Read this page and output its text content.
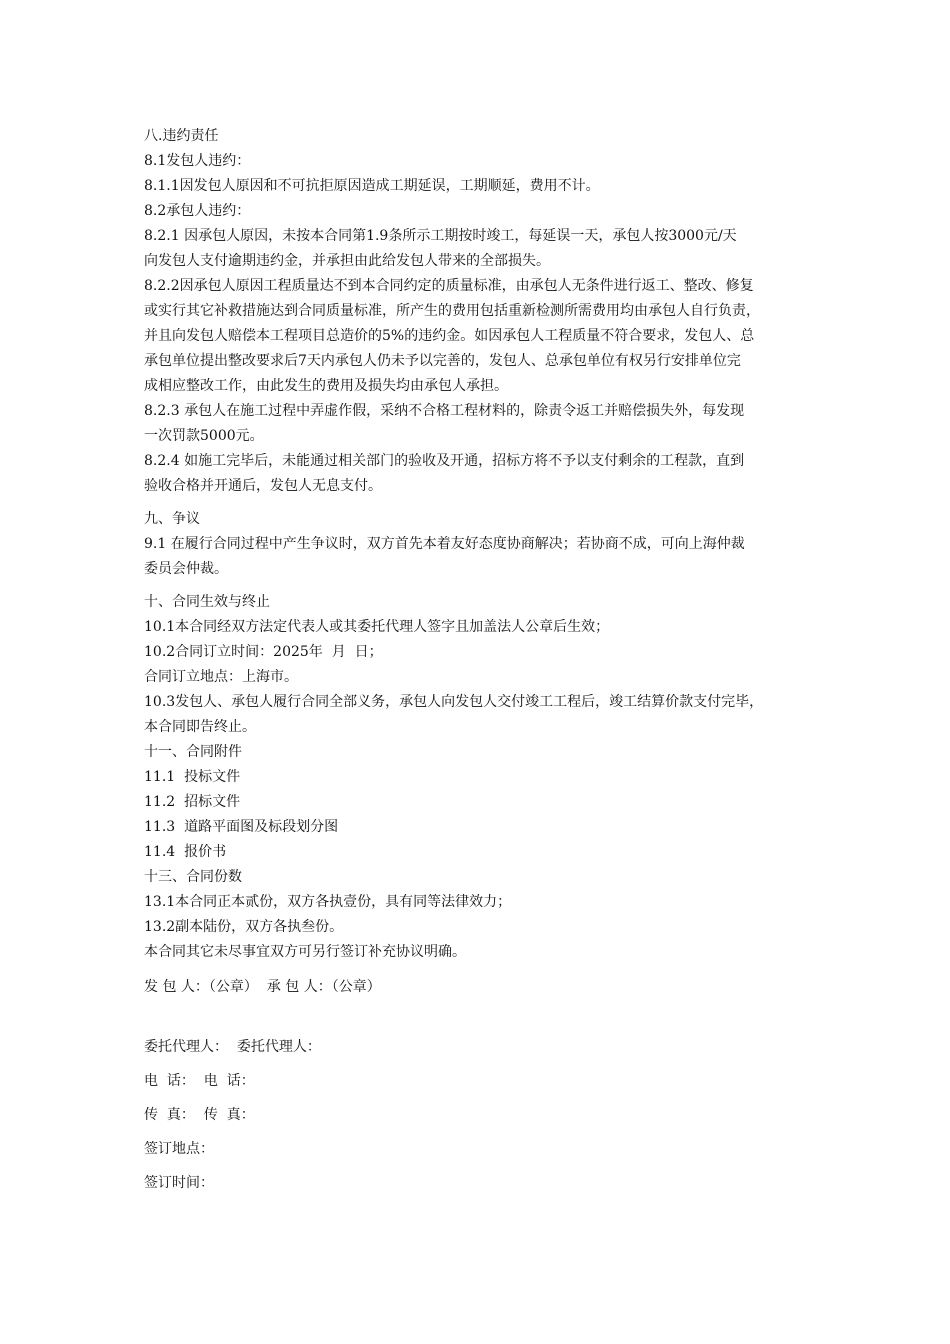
八.违约责任
8.1发包人违约：
8.1.1因发包人原因和不可抗拒原因造成工期延误，工期顺延，费用不计。
8.2承包人违约：
8.2.1 因承包人原因，未按本合同第1.9条所示工期按时竣工，每延误一天，承包人按3000元/天
向发包人支付逾期违约金，并承担由此给发包人带来的全部损失。
8.2.2因承包人原因工程质量达不到本合同约定的质量标准，由承包人无条件进行返工、整改、修复
或实行其它补救措施达到合同质量标准，所产生的费用包括重新检测所需费用均由承包人自行负责，
并且向发包人赔偿本工程项目总造价的5%的违约金。如因承包人工程质量不符合要求，发包人、总
承包单位提出整改要求后7天内承包人仍未予以完善的，发包人、总承包单位有权另行安排单位完
成相应整改工作，由此发生的费用及损失均由承包人承担。
8.2.3 承包人在施工过程中弄虚作假，采纳不合格工程材料的，除责令返工并赔偿损失外，每发现
一次罚款5000元。
8.2.4 如施工完毕后，未能通过相关部门的验收及开通，招标方将不予以支付剩余的工程款，直到
验收合格并开通后，发包人无息支付。
九、争议
9.1 在履行合同过程中产生争议时，双方首先本着友好态度协商解决；若协商不成，可向上海仲裁
委员会仲裁。
十、合同生效与终止
10.1本合同经双方法定代表人或其委托代理人签字且加盖法人公章后生效；
10.2合同订立时间：2025年  月  日；
合同订立地点：上海市。
10.3发包人、承包人履行合同全部义务，承包人向发包人交付竣工工程后，竣工结算价款支付完毕，
本合同即告终止。
十一、合同附件
11.1  投标文件
11.2  招标文件
11.3  道路平面图及标段划分图
11.4  报价书
十三、合同份数
13.1本合同正本贰份，双方各执壹份，具有同等法律效力；
13.2副本陆份，双方各执叁份。
本合同其它未尽事宜双方可另行签订补充协议明确。
发 包 人：（公章）  承 包 人：（公章）
委托代理人：  委托代理人：
电  话：  电  话：
传  真：  传  真：
签订地点：
签订时间：
